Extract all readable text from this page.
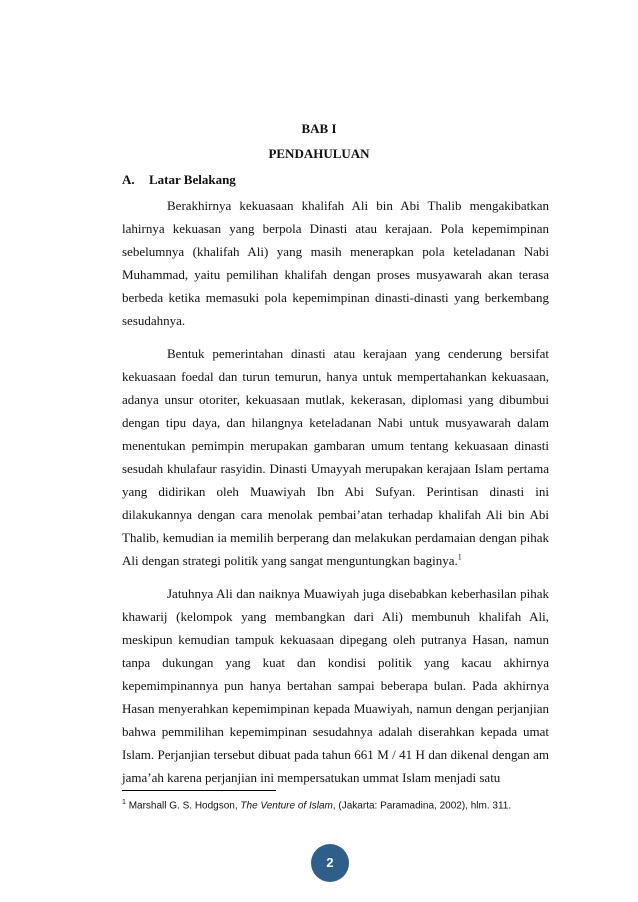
BAB I
PENDAHULUAN
A. Latar Belakang

Berakhirnya kekuasaan khalifah Ali bin Abi Thalib mengakibatkan lahirnya kekuasan yang berpola Dinasti atau kerajaan. Pola kepemimpinan sebelumnya (khalifah Ali) yang masih menerapkan pola keteladanan Nabi Muhammad, yaitu pemilihan khalifah dengan proses musyawarah akan terasa berbeda ketika memasuki pola kepemimpinan dinasti-dinasti yang berkembang sesudahnya.

Bentuk pemerintahan dinasti atau kerajaan yang cenderung bersifat kekuasaan foedal dan turun temurun, hanya untuk mempertahankan kekuasaan, adanya unsur otoriter, kekuasaan mutlak, kekerasan, diplomasi yang dibumbui dengan tipu daya, dan hilangnya keteladanan Nabi untuk musyawarah dalam menentukan pemimpin merupakan gambaran umum tentang kekuasaan dinasti sesudah khulafaur rasyidin. Dinasti Umayyah merupakan kerajaan Islam pertama yang didirikan oleh Muawiyah Ibn Abi Sufyan. Perintisan dinasti ini dilakukannya dengan cara menolak pembai’atan terhadap khalifah Ali bin Abi Thalib, kemudian ia memilih berperang dan melakukan perdamaian dengan pihak Ali dengan strategi politik yang sangat menguntungkan baginya.$^1$

Jatuhnya Ali dan naiknya Muawiyah juga disebabkan keberhasilan pihak khawarij (kelompok yang membangkan dari Ali) membunuh khalifah Ali, meskipun kemudian tampuk kekuasaan dipegang oleh putranya Hasan, namun tanpa dukungan yang kuat dan kondisi politik yang kacau akhirnya kepemimpinannya pun hanya bertahan sampai beberapa bulan. Pada akhirnya Hasan menyerahkan kepemimpinan kepada Muawiyah, namun dengan perjanjian bahwa pemmilihan kepemimpinan sesudahnya adalah diserahkan kepada umat Islam. Perjanjian tersebut dibuat pada tahun 661 M / 41 H dan dikenal dengan am jama’ah karena perjanjian ini mempersatukan ummat Islam menjadi satu

$^1$ Marshall G. S. Hodgson, The Venture of Islam, (Jakarta: Paramadina, 2002), hlm. 311.
2
